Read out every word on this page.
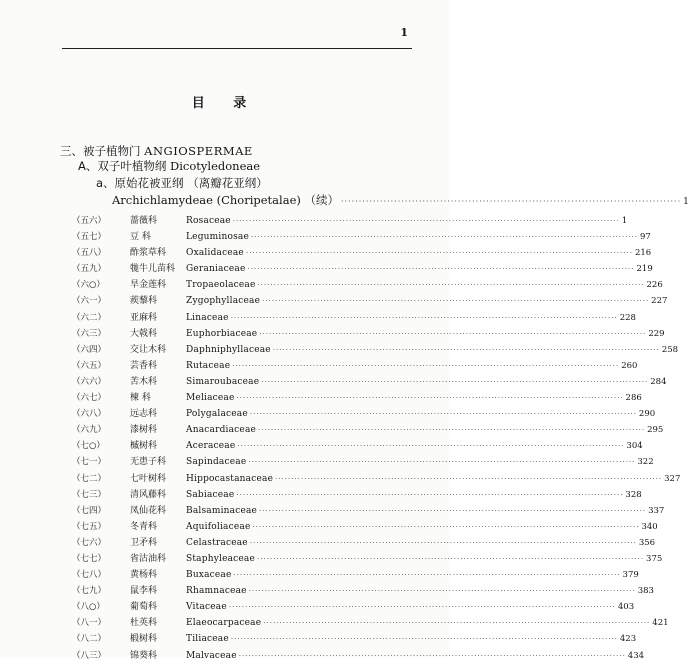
1
目 录
三、被子植物门 ANGIOSPERMAE
A、双子叶植物纲 Dicotyledoneae
a、原始花被亚纲 （离瓣花亚纲）
Archichlamydeae (Choripetalae) （续） ································································································ 1
（五六）	蔷薇科	Rosaceae ························································································································ 1
（五七）	豆 科	Leguminosae ························································································································ 97
（五八）	酢浆草科	Oxalidaceae ························································································································ 216
（五九）	牻牛儿苗科	Geraniaceae ························································································································ 219
（六○）	旱金莲科	Tropaeolaceae ························································································································ 226
（六一）	蒺藜科	Zygophyllaceae ························································································································ 227
（六二）	亚麻科	Linaceae ························································································································ 228
（六三）	大戟科	Euphorbiaceae ························································································································ 229
（六四）	交让木科	Daphniphyllaceae ························································································································ 258
（六五）	芸香科	Rutaceae ························································································································ 260
（六六）	苦木科	Simaroubaceae ························································································································ 284
（六七）	楝 科	Meliaceae ························································································································ 286
（六八）	远志科	Polygalaceae ························································································································ 290
（六九）	漆树科	Anacardiaceae ························································································································ 295
（七○）	槭树科	Aceraceae ························································································································ 304
（七一）	无患子科	Sapindaceae ························································································································ 322
（七二）	七叶树科	Hippocastanaceae ························································································································ 327
（七三）	清风藤科	Sabiaceae ························································································································ 328
（七四）	凤仙花科	Balsaminaceae ························································································································ 337
（七五）	冬青科	Aquifoliaceae ························································································································ 340
（七六）	卫矛科	Celastraceae ························································································································ 356
（七七）	省沽油科	Staphyleaceae ························································································································ 375
（七八）	黄杨科	Buxaceae ························································································································ 379
（七九）	鼠李科	Rhamnaceae ························································································································ 383
（八○）	葡萄科	Vitaceae ························································································································ 403
（八一）	杜英科	Elaeocarpaceae ························································································································ 421
（八二）	椴树科	Tiliaceae ························································································································ 423
（八三）	锦葵科	Malvaceae ························································································································ 434
